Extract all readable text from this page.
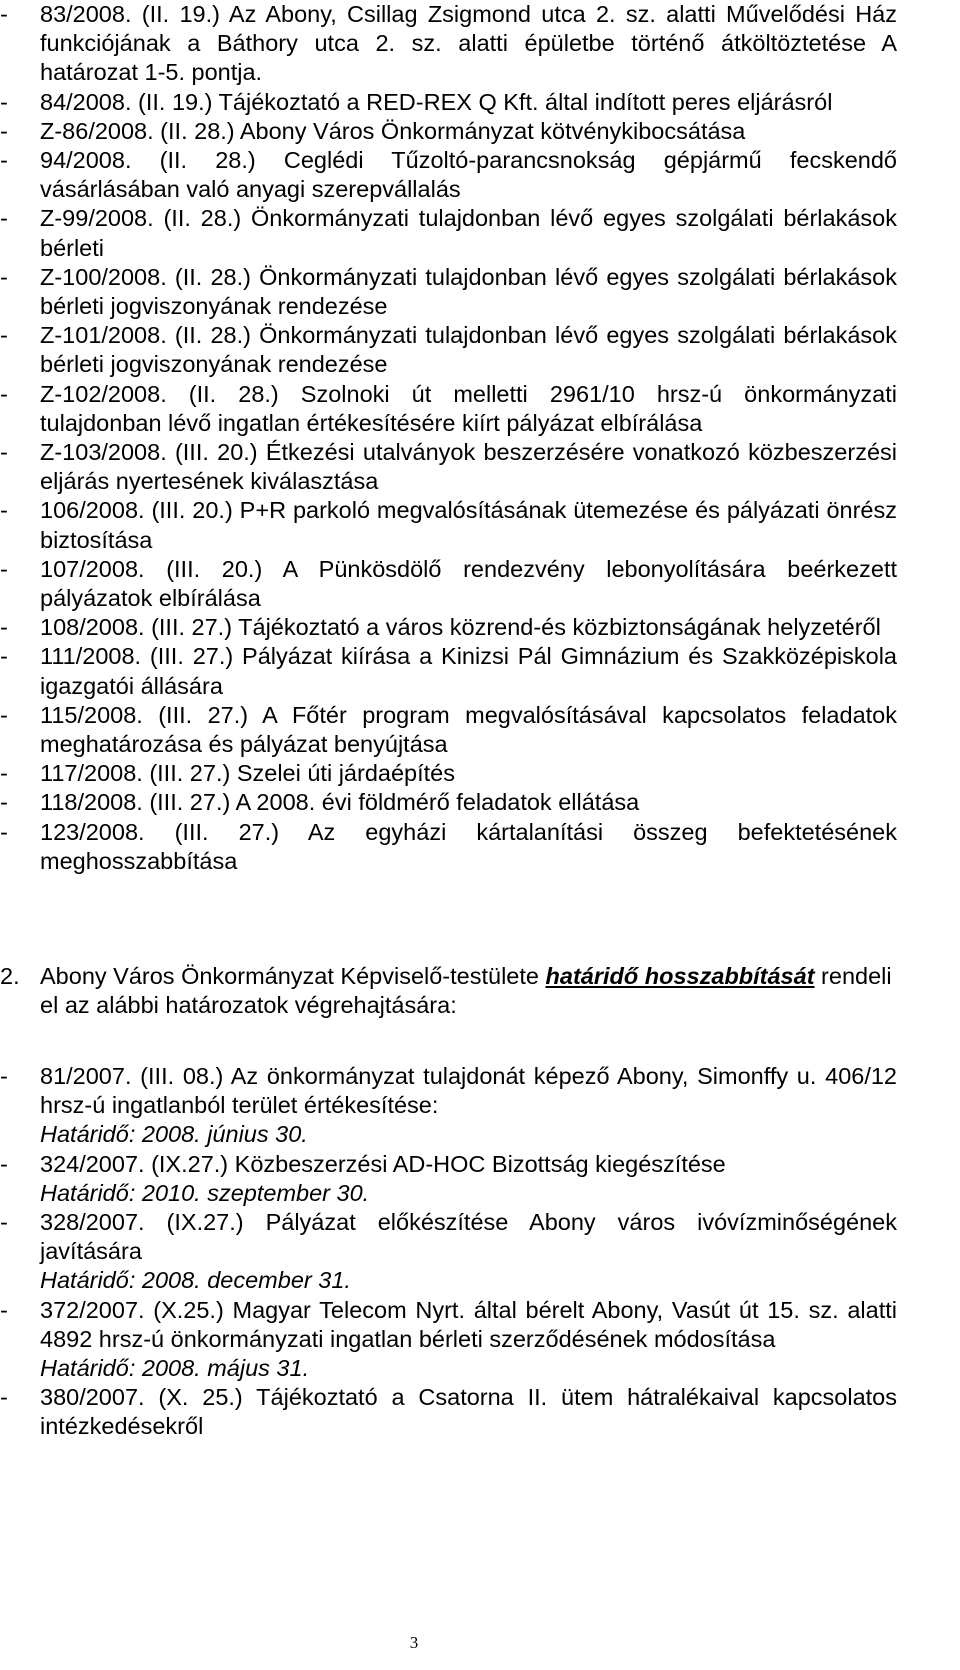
- 83/2008. (II. 19.) Az Abony, Csillag Zsigmond utca 2. sz. alatti Művelődési Ház funkciójának a Báthory utca 2. sz. alatti épületbe történő átköltöztetése A határozat 1-5. pontja.
- 84/2008. (II. 19.) Tájékoztató a RED-REX Q Kft. által indított peres eljárásról
- Z-86/2008. (II. 28.) Abony Város Önkormányzat kötvénykibocsátása
- 94/2008. (II. 28.) Ceglédi Tűzoltó-parancsnokság gépjármű fecskendő vásárlásában való anyagi szerepvállalás
- Z-99/2008. (II. 28.) Önkormányzati tulajdonban lévő egyes szolgálati bérlakások bérleti
- Z-100/2008. (II. 28.) Önkormányzati tulajdonban lévő egyes szolgálati bérlakások bérleti jogviszonyának rendezése
- Z-101/2008. (II. 28.) Önkormányzati tulajdonban lévő egyes szolgálati bérlakások bérleti jogviszonyának rendezése
- Z-102/2008. (II. 28.) Szolnoki út melletti 2961/10 hrsz-ú önkormányzati tulajdonban lévő ingatlan értékesítésére kiírt pályázat elbírálása
- Z-103/2008. (III. 20.) Étkezési utalványok beszerzésére vonatkozó közbeszerzési eljárás nyertesének kiválasztása
- 106/2008. (III. 20.) P+R parkoló megvalósításának ütemezése és pályázati önrész biztosítása
- 107/2008. (III. 20.) A Pünkösdölő rendezvény lebonyolítására beérkezett pályázatok elbírálása
- 108/2008. (III. 27.) Tájékoztató a város közrend-és közbiztonságának helyzetéről
- 111/2008. (III. 27.) Pályázat kiírása a Kinizsi Pál Gimnázium és Szakközépiskola igazgatói állására
- 115/2008. (III. 27.) A Főtér program megvalósításával kapcsolatos feladatok meghatározása és pályázat benyújtása
- 117/2008. (III. 27.) Szelei úti járdaépítés
- 118/2008. (III. 27.) A 2008. évi földmérő feladatok ellátása
- 123/2008. (III. 27.) Az egyházi kártalanítási összeg befektetésének meghosszabbítása
2. Abony Város Önkormányzat Képviselő-testülete határidő hosszabbítását rendeli el az alábbi határozatok végrehajtására:
- 81/2007. (III. 08.) Az önkormányzat tulajdonát képező Abony, Simonffy u. 406/12 hrsz-ú ingatlanból terület értékesítése:
Határidő: 2008. június 30.
- 324/2007. (IX.27.) Közbeszerzési AD-HOC Bizottság kiegészítése
Határidő: 2010. szeptember 30.
- 328/2007. (IX.27.) Pályázat előkészítése Abony város ivóvízminőségének javítására
Határidő: 2008. december 31.
- 372/2007. (X.25.) Magyar Telecom Nyrt. által bérelt Abony, Vasút út 15. sz. alatti 4892 hrsz-ú önkormányzati ingatlan bérleti szerződésének módosítása
Határidő: 2008. május 31.
- 380/2007. (X. 25.) Tájékoztató a Csatorna II. ütem hátralékaival kapcsolatos intézkedésekről
3
